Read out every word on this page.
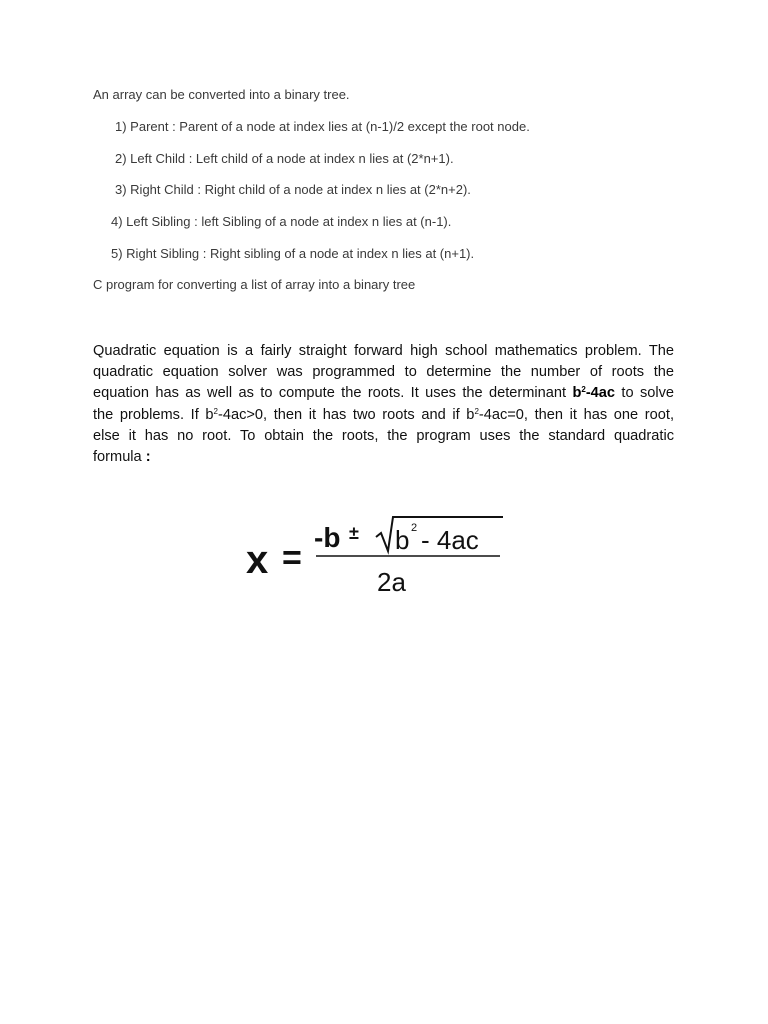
An array can be converted into a binary tree.
1) Parent : Parent of a node at index lies at (n-1)/2 except the root node.
2) Left Child : Left child of a node at index n lies at (2*n+1).
3) Right Child : Right child of a node at index n lies at (2*n+2).
4) Left Sibling : left Sibling of a node at index n lies at (n-1).
5) Right Sibling : Right sibling of a node at index n lies at (n+1).
C program for converting a list of array into a binary tree
Quadratic equation is a fairly straight forward high school mathematics problem. The
quadratic equation solver was programmed to determine the number of roots the
equation has as well as to compute the roots. It uses the determinant $b^2-4ac$ to solve
the problems. If $b^2-4ac>0$, then it has two roots and if $b^2-4ac=0$, then it has one root,
else it has no root. To obtain the roots, the program uses the standard quadratic
formula :
x =
-b ± b 2 - 4ac
2a
